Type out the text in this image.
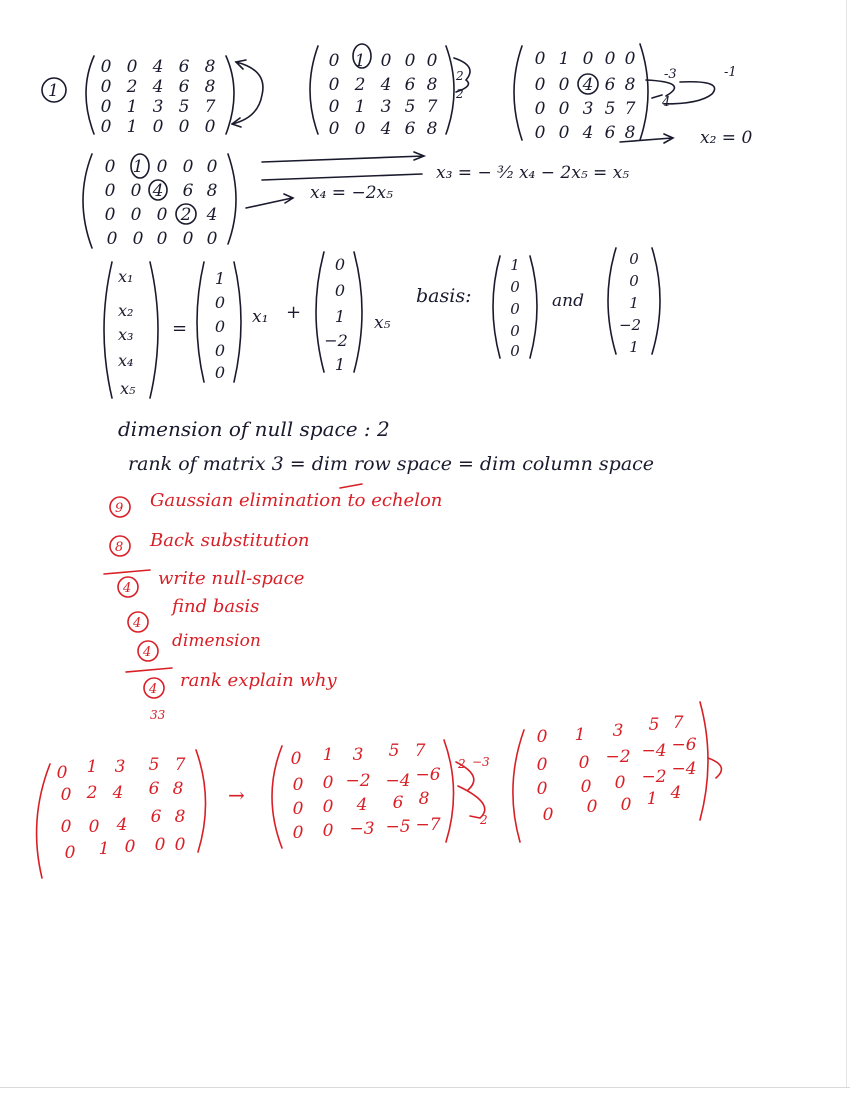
1
0 0 4 6 8
0 2 4 6 8
0 1 3 5 7
0 1 0 0 0
0 1 0 0 0
0 2 4 6 8
0 1 3 5 7
0 0 4 6 8
2
2
0 1 0 0 0
0 0 4 6 8
0 0 3 5 7
0 0 4 6 8
-3
4
-1
x₂ = 0
0 1 0 0 0
0 0 4 6 8
0 0 0 2 4
0 0 0 0 0
x₃ = − ³⁄₂ x₄ − 2x₅ = x₅
x₄ = −2x₅
x₁
x₂
x₃
x₄
x₅
=
1
0
0
0
0
x₁ +
0
0
1
−2
1
x₅
basis:
1
0
0
0
0
and
0
0
1
−2
1
dimension of null space : 2
rank of matrix 3 = dim row space = dim column space
9 Gaussian elimination to echelon
8 Back substitution
4 write null-space
4
find basis
4
dimension
4 rank explain why
33
0 1 3 5 7
0 2 4 6 8
0 0 4 6 8
0 1 0 0 0
→
0 1 3 5 7
0 0 −2 −4 −6
0 0 4 6 8
0 0 −3 −5 −7
2 −3
2
0 1 3 5 7
0 0 −2 −4 −6
0 0 0 −2 −4
0 0 0 1 4
